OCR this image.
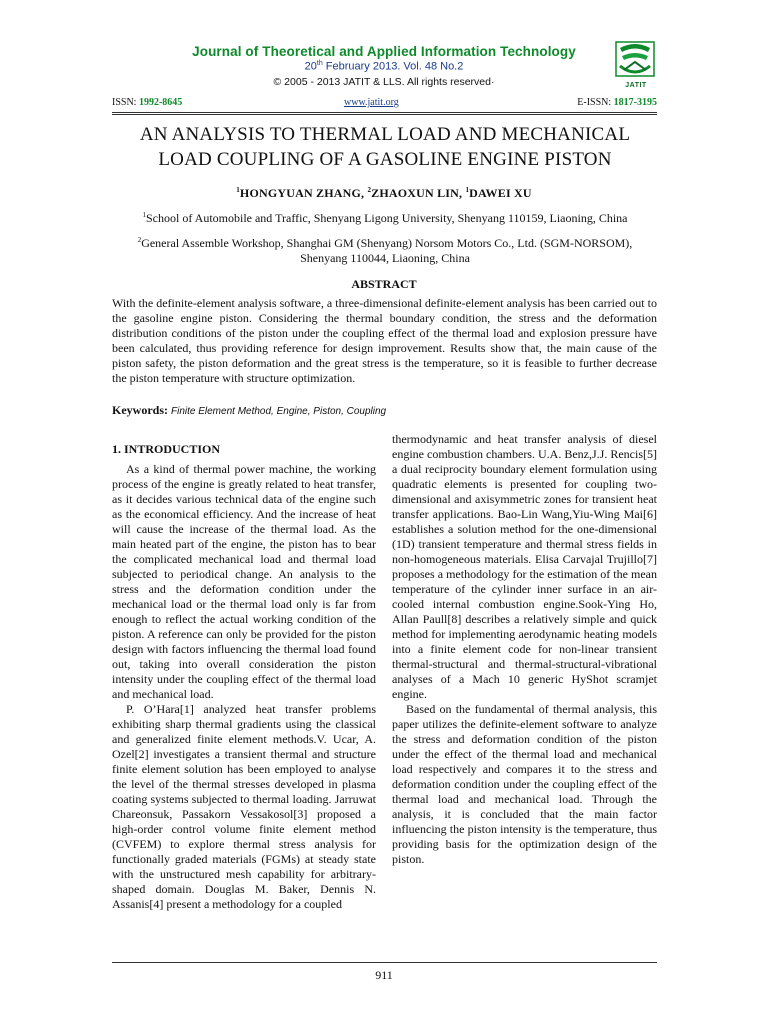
Journal of Theoretical and Applied Information Technology
20th February 2013. Vol. 48 No.2
© 2005 - 2013 JATIT & LLS. All rights reserved·	JATIT
ISSN: 1992-8645	www.jatit.org	E-ISSN: 1817-3195
AN ANALYSIS TO THERMAL LOAD AND MECHANICAL
LOAD COUPLING OF A GASOLINE ENGINE PISTON
$^1$HONGYUAN ZHANG, $^2$ZHAOXUN LIN, $^1$DAWEI XU
$^1$School of Automobile and Traffic, Shenyang Ligong University, Shenyang 110159, Liaoning, China
$^2$General Assemble Workshop, Shanghai GM (Shenyang) Norsom Motors Co., Ltd. (SGM-NORSOM),
Shenyang 110044, Liaoning, China
ABSTRACT
With the definite-element analysis software, a three-dimensional definite-element analysis has been carried out to the gasoline engine piston. Considering the thermal boundary condition, the stress and the deformation distribution conditions of the piston under the coupling effect of the thermal load and explosion pressure have been calculated, thus providing reference for design improvement. Results show that, the main cause of the piston safety, the piston deformation and the great stress is the temperature, so it is feasible to further decrease the piston temperature with structure optimization.
Keywords: Finite Element Method, Engine, Piston, Coupling
1. INTRODUCTION

As a kind of thermal power machine, the working process of the engine is greatly related to heat transfer, as it decides various technical data of the engine such as the economical efficiency. And the increase of heat will cause the increase of the thermal load. As the main heated part of the engine, the piston has to bear the complicated mechanical load and thermal load subjected to periodical change. An analysis to the stress and the deformation condition under the mechanical load or the thermal load only is far from enough to reflect the actual working condition of the piston. A reference can only be provided for the piston design with factors influencing the thermal load found out, taking into overall consideration the piston intensity under the coupling effect of the thermal load and mechanical load.

P. O’Hara[1] analyzed heat transfer problems exhibiting sharp thermal gradients using the classical and generalized finite element methods.V. Ucar, A. Ozel[2] investigates a transient thermal and structure finite element solution has been employed to analyse the level of the thermal stresses developed in plasma coating systems subjected to thermal loading. Jarruwat Chareonsuk, Passakorn Vessakosol[3] proposed a high-order control volume finite element method (CVFEM) to explore thermal stress analysis for functionally graded materials (FGMs) at steady state with the unstructured mesh capability for arbitrary-shaped domain. Douglas M. Baker, Dennis N. Assanis[4] present a methodology for a coupled

thermodynamic and heat transfer analysis of diesel engine combustion chambers. U.A. Benz,J.J. Rencis[5] a dual reciprocity boundary element formulation using quadratic elements is presented for coupling two-dimensional and axisymmetric zones for transient heat transfer applications. Bao-Lin Wang,Yiu-Wing Mai[6] establishes a solution method for the one-dimensional (1D) transient temperature and thermal stress fields in non-homogeneous materials. Elisa Carvajal Trujillo[7] proposes a methodology for the estimation of the mean temperature of the cylinder inner surface in an air-cooled internal combustion engine.Sook-Ying Ho, Allan Paull[8] describes a relatively simple and quick method for implementing aerodynamic heating models into a finite element code for non-linear transient thermal-structural and thermal-structural-vibrational analyses of a Mach 10 generic HyShot scramjet engine.

Based on the fundamental of thermal analysis, this paper utilizes the definite-element software to analyze the stress and deformation condition of the piston under the effect of the thermal load and mechanical load respectively and compares it to the stress and deformation condition under the coupling effect of the thermal load and mechanical load. Through the analysis, it is concluded that the main factor influencing the piston intensity is the temperature, thus providing basis for the optimization design of the piston.

911
